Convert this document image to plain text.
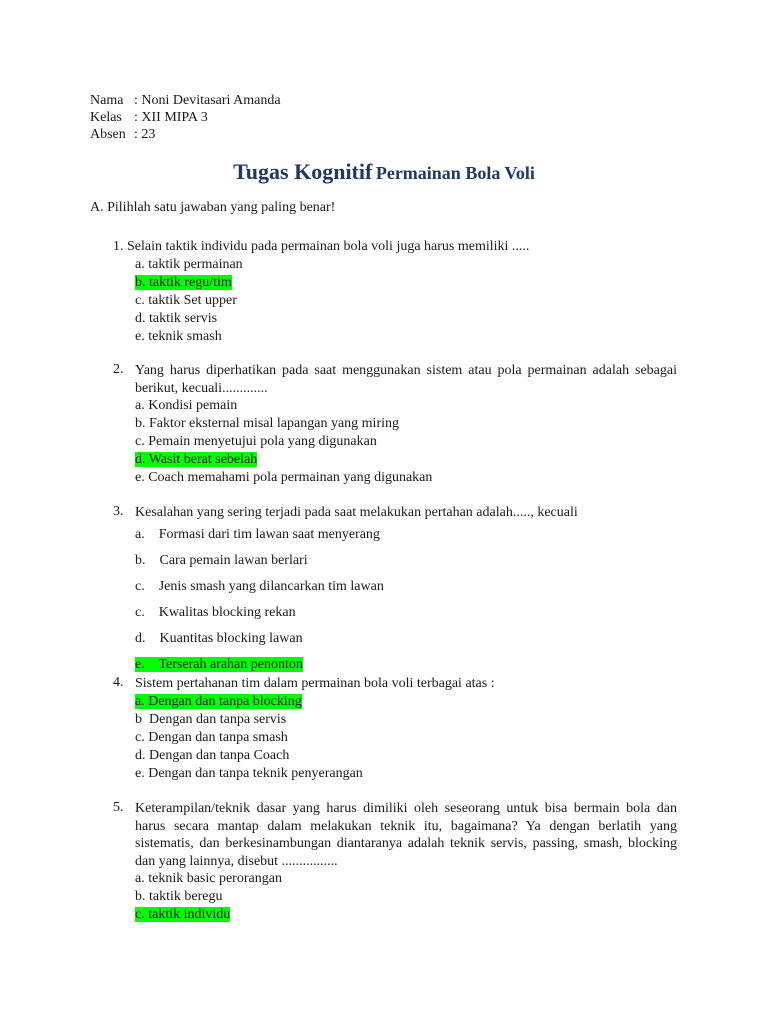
Nama : Noni Devitasari Amanda
Kelas : XII MIPA 3
Absen : 23
Tugas Kognitif Permainan Bola Voli
A. Pilihlah satu jawaban yang paling benar!
1. Selain taktik individu pada permainan bola voli juga harus memiliki .....
a. taktik permainan
b. taktik regu/tim
c. taktik Set upper
d. taktik servis
e. teknik smash
2. Yang harus diperhatikan pada saat menggunakan sistem atau pola permainan adalah sebagai berikut, kecuali.............
a. Kondisi pemain
b. Faktor eksternal misal lapangan yang miring
c. Pemain menyetujui pola yang digunakan
d. Wasit berat sebelah
e. Coach memahami pola permainan yang digunakan
3. Kesalahan yang sering terjadi pada saat melakukan pertahan adalah....., kecuali
a.    Formasi dari tim lawan saat menyerang
b.    Cara pemain lawan berlari
c.    Jenis smash yang dilancarkan tim lawan
c.    Kwalitas blocking rekan
d.    Kuantitas blocking lawan
e.    Terserah arahan penonton
4. Sistem pertahanan tim dalam permainan bola voli terbagai atas :
a. Dengan dan tanpa blocking
b  Dengan dan tanpa servis
c. Dengan dan tanpa smash
d. Dengan dan tanpa Coach
e. Dengan dan tanpa teknik penyerangan
5. Keterampilan/teknik dasar yang harus dimiliki oleh seseorang untuk bisa bermain bola dan harus secara mantap dalam melakukan teknik itu, bagaimana? Ya dengan berlatih yang sistematis, dan berkesinambungan diantaranya adalah teknik servis, passing, smash, blocking dan yang lainnya, disebut ................
a. teknik basic perorangan
b. taktik beregu
c. taktik individu
